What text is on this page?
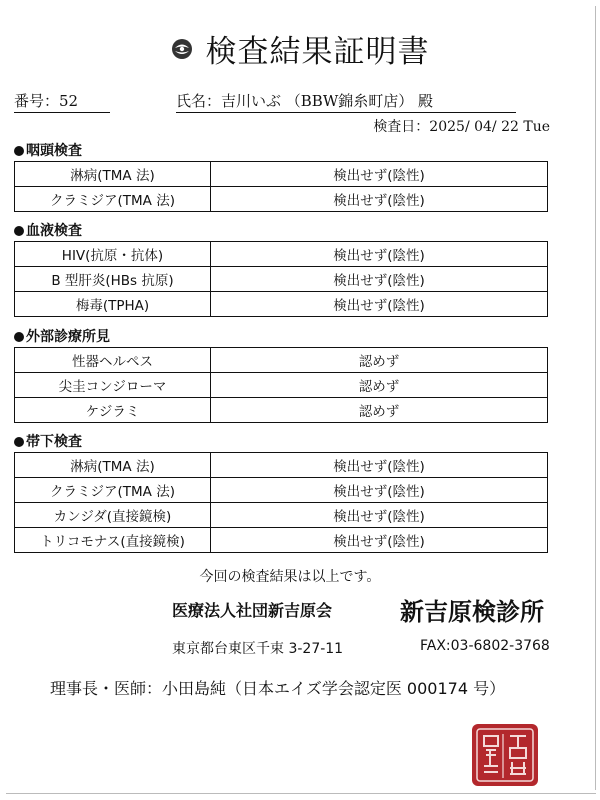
検査結果証明書
番号：52	氏名：吉川いぶ （BBW錦糸町店） 殿
検査日：2025/ 04/ 22 Tue
咽頭検査
淋病(TMA 法)	検出せず(陰性)
クラミジア(TMA 法)	検出せず(陰性)
血液検査
HIV(抗原・抗体)	検出せず(陰性)
B 型肝炎(HBs 抗原)	検出せず(陰性)
梅毒(TPHA)	検出せず(陰性)
外部診療所見
性器ヘルペス	認めず
尖圭コンジローマ	認めず
ケジラミ	認めず
帯下検査
淋病(TMA 法)	検出せず(陰性)
クラミジア(TMA 法)	検出せず(陰性)
カンジダ(直接鏡検)	検出せず(陰性)
トリコモナス(直接鏡検)	検出せず(陰性)
今回の検査結果は以上です。
医療法人社団新吉原会	新吉原検診所
東京都台東区千束 3-27-11	FAX:03-6802-3768
理事長・医師：小田島純（日本エイズ学会認定医 000174 号）
